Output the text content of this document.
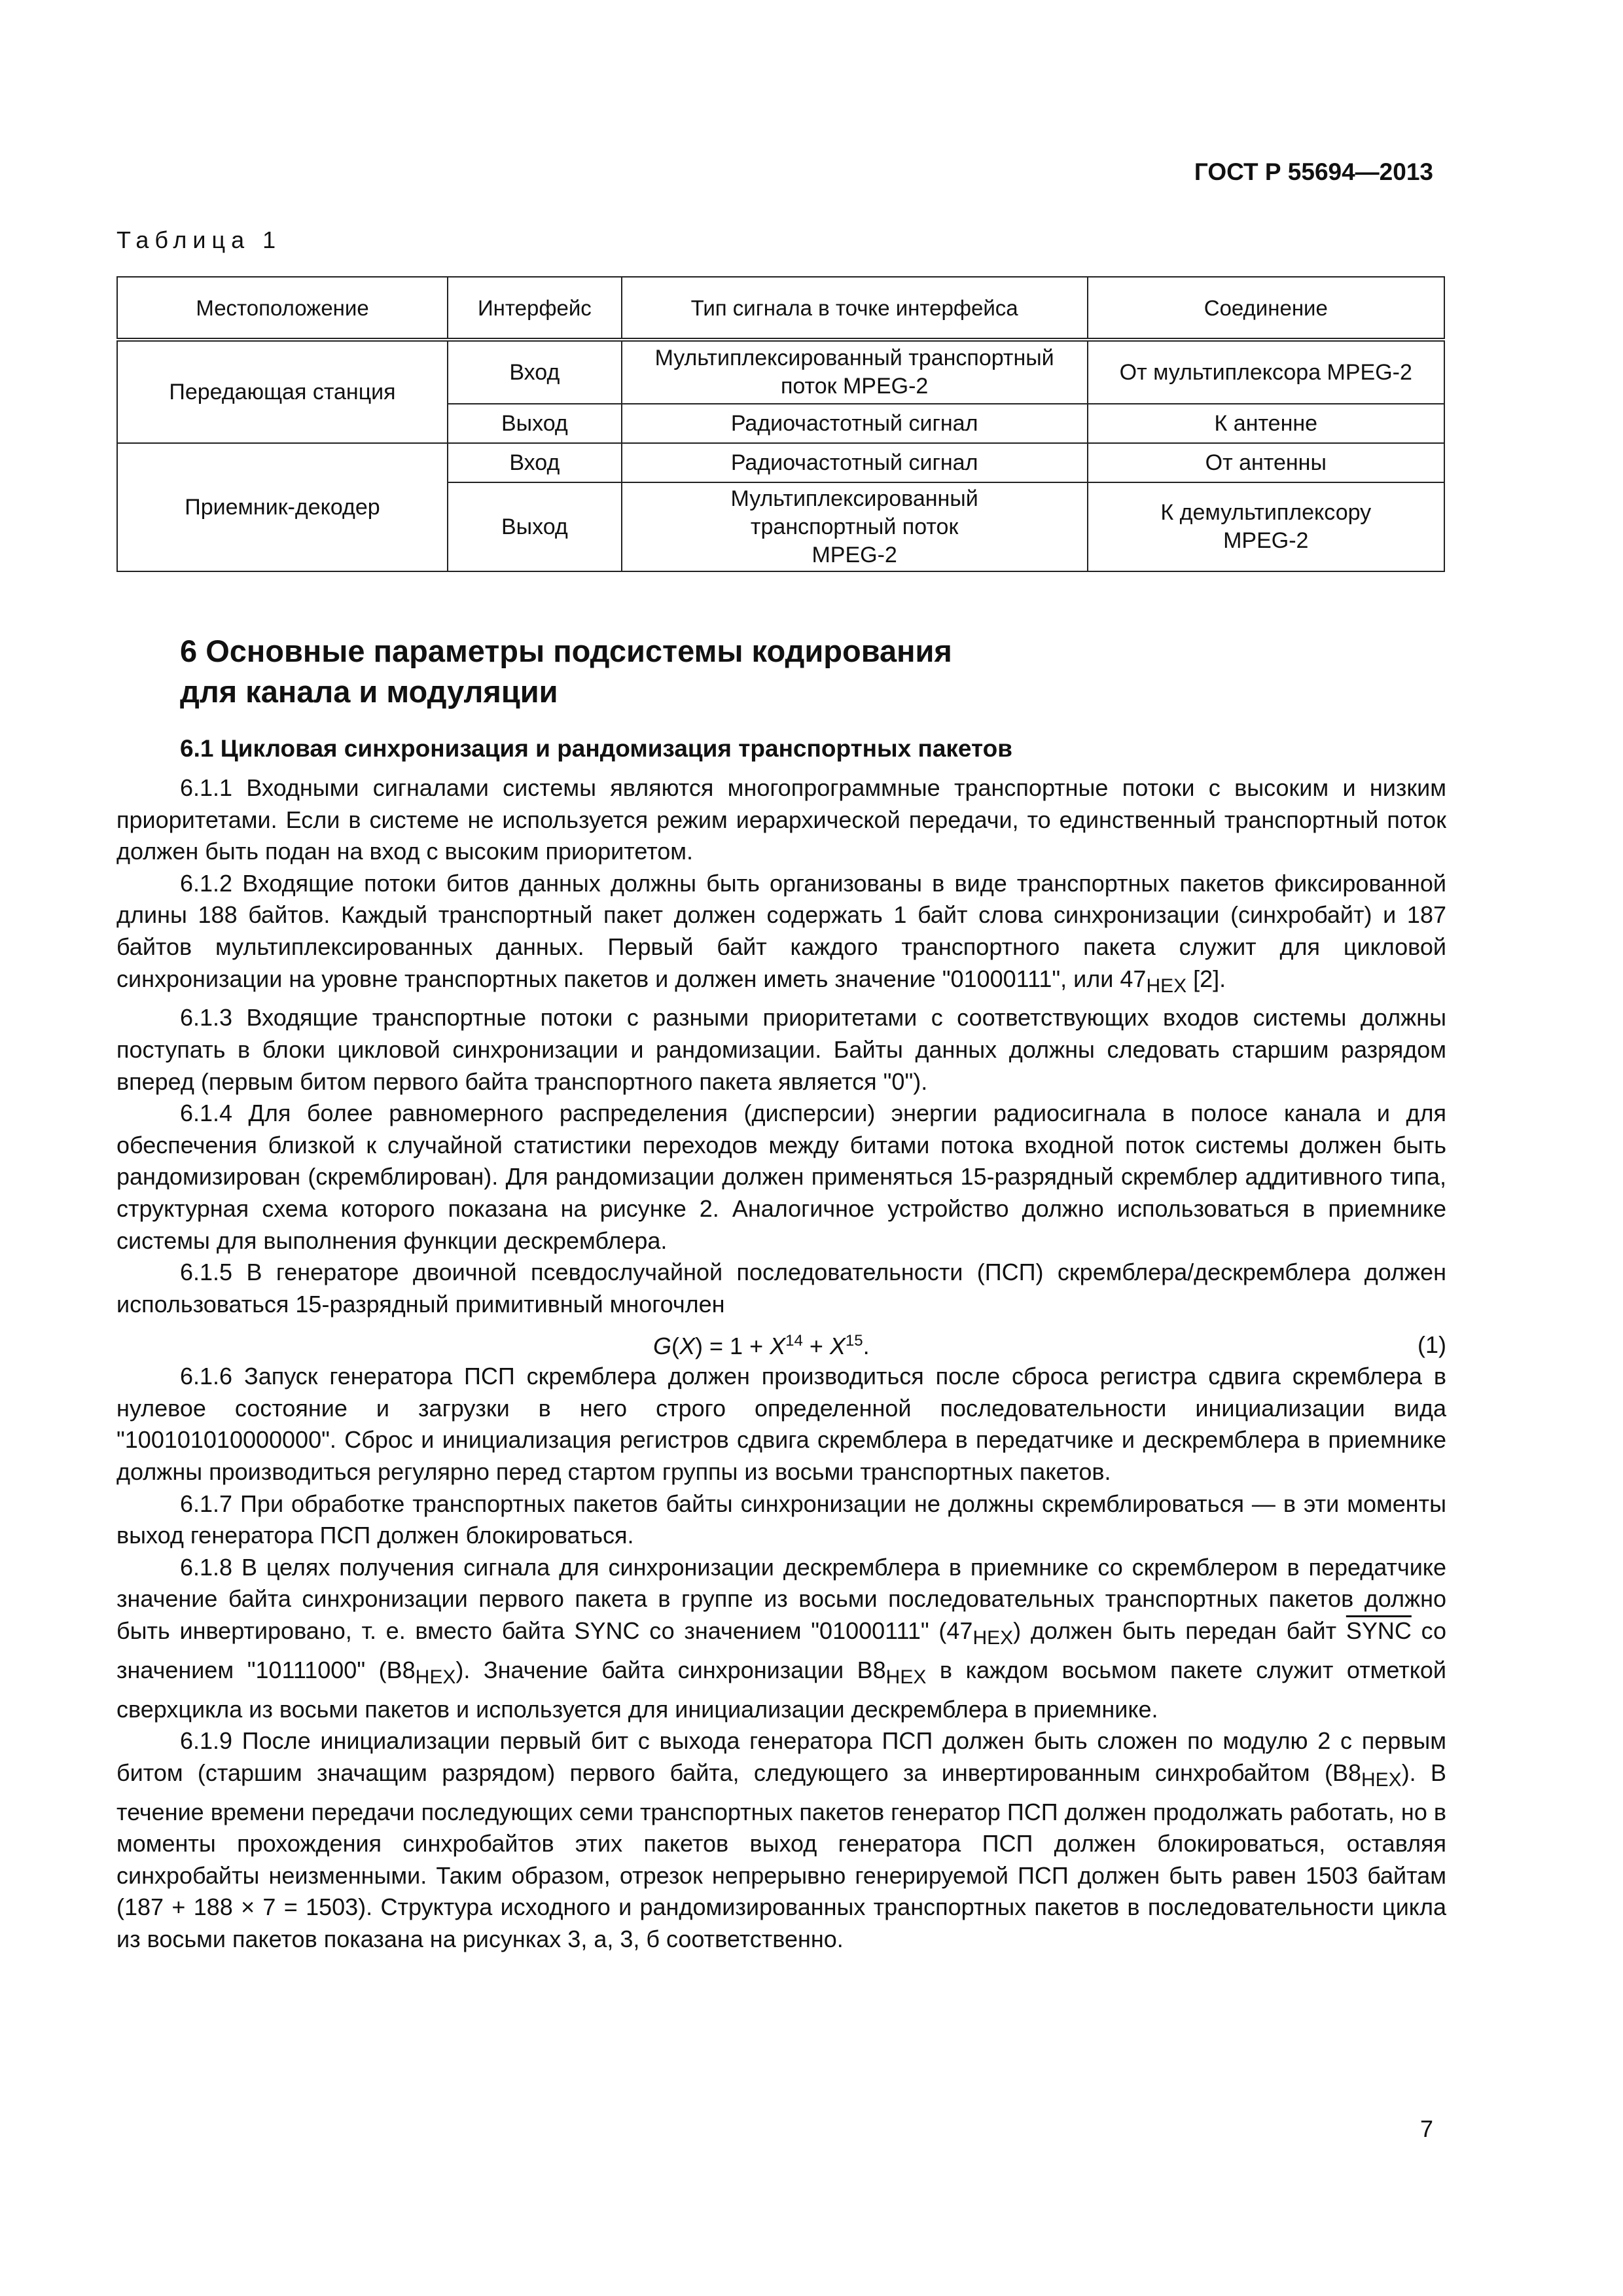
ГОСТ Р 55694—2013
Таблица 1
Местоположение	Интерфейс	Тип сигнала в точке интерфейса	Соединение
Передающая станция	Вход	Мультиплексированный транспортный поток MPEG-2	От мультиплексора MPEG-2
	Выход	Радиочастотный сигнал	К антенне
Приемник-декодер	Вход	Радиочастотный сигнал	От антенны
	Выход	Мультиплексированный транспортный поток MPEG-2	К демультиплексору MPEG-2
6 Основные параметры подсистемы кодирования
для канала и модуляции
6.1 Цикловая синхронизация и рандомизация транспортных пакетов

6.1.1 Входными сигналами системы являются многопрограммные транспортные потоки с высоким и низким приоритетами. Если в системе не используется режим иерархической передачи, то единственный транспортный поток должен быть подан на вход с высоким приоритетом.

6.1.2 Входящие потоки битов данных должны быть организованы в виде транспортных пакетов фиксированной длины 188 байтов. Каждый транспортный пакет должен содержать 1 байт слова синхронизации (синхробайт) и 187 байтов мультиплексированных данных. Первый байт каждого транспортного пакета служит для цикловой синхронизации на уровне транспортных пакетов и должен иметь значение "01000111", или $47_{HEX}$ [2].

6.1.3 Входящие транспортные потоки с разными приоритетами с соответствующих входов системы должны поступать в блоки цикловой синхронизации и рандомизации. Байты данных должны следовать старшим разрядом вперед (первым битом первого байта транспортного пакета является "0").

6.1.4 Для более равномерного распределения (дисперсии) энергии радиосигнала в полосе канала и для обеспечения близкой к случайной статистики переходов между битами потока входной поток системы должен быть рандомизирован (скремблирован). Для рандомизации должен применяться 15-разрядный скремблер аддитивного типа, структурная схема которого показана на рисунке 2. Аналогичное устройство должно использоваться в приемнике системы для выполнения функции дескремблера.

6.1.5 В генераторе двоичной псевдослучайной последовательности (ПСП) скремблера/дескремблера должен использоваться 15-разрядный примитивный многочлен

$G(X) = 1 + X^{14} + X^{15}$.	(1)

6.1.6 Запуск генератора ПСП скремблера должен производиться после сброса регистра сдвига скремблера в нулевое состояние и загрузки в него строго определенной последовательности инициализации вида "100101010000000". Сброс и инициализация регистров сдвига скремблера в передатчике и дескремблера в приемнике должны производиться регулярно перед стартом группы из восьми транспортных пакетов.

6.1.7 При обработке транспортных пакетов байты синхронизации не должны скремблироваться — в эти моменты выход генератора ПСП должен блокироваться.

6.1.8 В целях получения сигнала для синхронизации дескремблера в приемнике со скремблером в передатчике значение байта синхронизации первого пакета в группе из восьми последовательных транспортных пакетов должно быть инвертировано, т. е. вместо байта SYNC со значением "01000111" $(47_{HEX})$ должен быть передан байт SYNC со значением "10111000" $(B8_{HEX})$. Значение байта синхронизации $B8_{HEX}$ в каждом восьмом пакете служит отметкой сверхцикла из восьми пакетов и используется для инициализации дескремблера в приемнике.

6.1.9 После инициализации первый бит с выхода генератора ПСП должен быть сложен по модулю 2 с первым битом (старшим значащим разрядом) первого байта, следующего за инвертированным синхробайтом $(B8_{HEX})$. В течение времени передачи последующих семи транспортных пакетов генератор ПСП должен продолжать работать, но в моменты прохождения синхробайтов этих пакетов выход генератора ПСП должен блокироваться, оставляя синхробайты неизменными. Таким образом, отрезок непрерывно генерируемой ПСП должен быть равен 1503 байтам (187 + 188 × 7 = 1503). Структура исходного и рандомизированных транспортных пакетов в последовательности цикла из восьми пакетов показана на рисунках 3, а, 3, б соответственно.

7
